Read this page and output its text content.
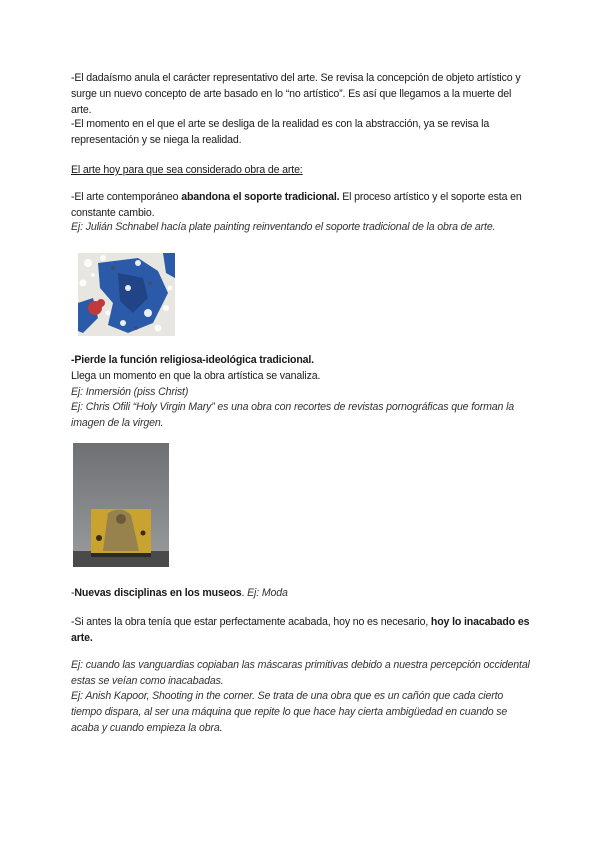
-El dadaísmo anula el carácter representativo del arte. Se revisa la concepción de objeto artístico y surge un nuevo concepto de arte basado en lo “no artístico”. Es así que llegamos a la muerte del arte.

-El momento en el que el arte se desliga de la realidad es con la abstracción, ya se revisa la representación y se niega la realidad.

El arte hoy para que sea considerado obra de arte:

-El arte contemporáneo abandona el soporte tradicional. El proceso artístico y el soporte esta en constante cambio.

Ej: Julián Schnabel hacía plate painting reinventando el soporte tradicional de la obra de arte.

-Pierde la función religiosa-ideológica tradicional.

Llega un momento en que la obra artística se vanaliza.

Ej: Inmersión (piss Christ)

Ej: Chris Ofili “Holy Virgin Mary” es una obra con recortes de revistas pornográficas que forman la imagen de la virgen.

-Nuevas disciplinas en los museos. Ej: Moda

-Si antes la obra tenía que estar perfectamente acabada, hoy no es necesario, hoy lo inacabado es arte.

Ej: cuando las vanguardias copiaban las máscaras primitivas debido a nuestra percepción occidental estas se veían como inacabadas.

Ej: Anish Kapoor, Shooting in the corner. Se trata de una obra que es un cañón que cada cierto tiempo dispara, al ser una máquina que repite lo que hace hay cierta ambigüedad en cuando se acaba y cuando empieza la obra.
